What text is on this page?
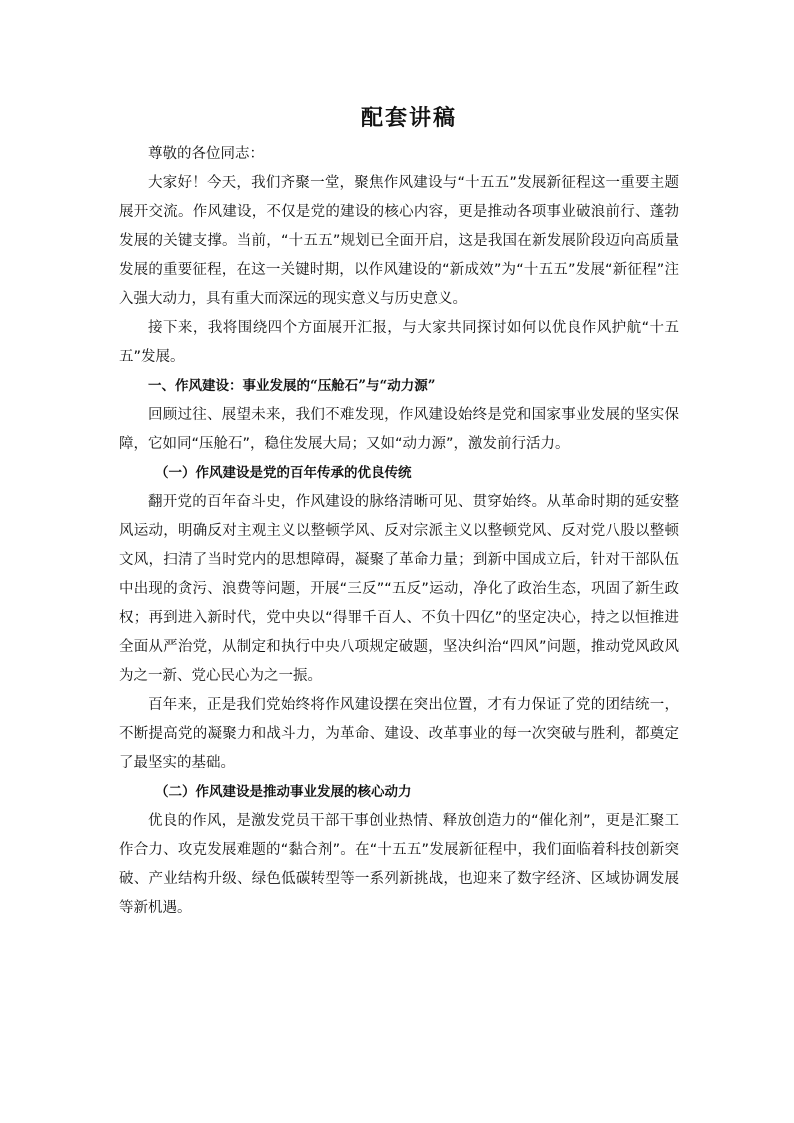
配套讲稿

尊敬的各位同志：

大家好！今天，我们齐聚一堂，聚焦作风建设与“十五五”发展新征程这一重要主题展开交流。作风建设，不仅是党的建设的核心内容，更是推动各项事业破浪前行、蓬勃发展的关键支撑。当前，“十五五”规划已全面开启，这是我国在新发展阶段迈向高质量发展的重要征程，在这一关键时期，以作风建设的“新成效”为“十五五”发展“新征程”注入强大动力，具有重大而深远的现实意义与历史意义。

接下来，我将围绕四个方面展开汇报，与大家共同探讨如何以优良作风护航“十五五”发展。

一、作风建设：事业发展的“压舱石”与“动力源”

回顾过往、展望未来，我们不难发现，作风建设始终是党和国家事业发展的坚实保障，它如同“压舱石”，稳住发展大局；又如“动力源”，激发前行活力。

（一）作风建设是党的百年传承的优良传统

翻开党的百年奋斗史，作风建设的脉络清晰可见、贯穿始终。从革命时期的延安整风运动，明确反对主观主义以整顿学风、反对宗派主义以整顿党风、反对党八股以整顿文风，扫清了当时党内的思想障碍，凝聚了革命力量；到新中国成立后，针对干部队伍中出现的贪污、浪费等问题，开展“三反”“五反”运动，净化了政治生态，巩固了新生政权；再到进入新时代，党中央以“得罪千百人、不负十四亿”的坚定决心，持之以恒推进全面从严治党，从制定和执行中央八项规定破题，坚决纠治“四风”问题，推动党风政风为之一新、党心民心为之一振。

百年来，正是我们党始终将作风建设摆在突出位置，才有力保证了党的团结统一，不断提高党的凝聚力和战斗力，为革命、建设、改革事业的每一次突破与胜利，都奠定了最坚实的基础。

（二）作风建设是推动事业发展的核心动力

优良的作风，是激发党员干部干事创业热情、释放创造力的“催化剂”，更是汇聚工作合力、攻克发展难题的“黏合剂”。在“十五五”发展新征程中，我们面临着科技创新突破、产业结构升级、绿色低碳转型等一系列新挑战，也迎来了数字经济、区域协调发展等新机遇。
